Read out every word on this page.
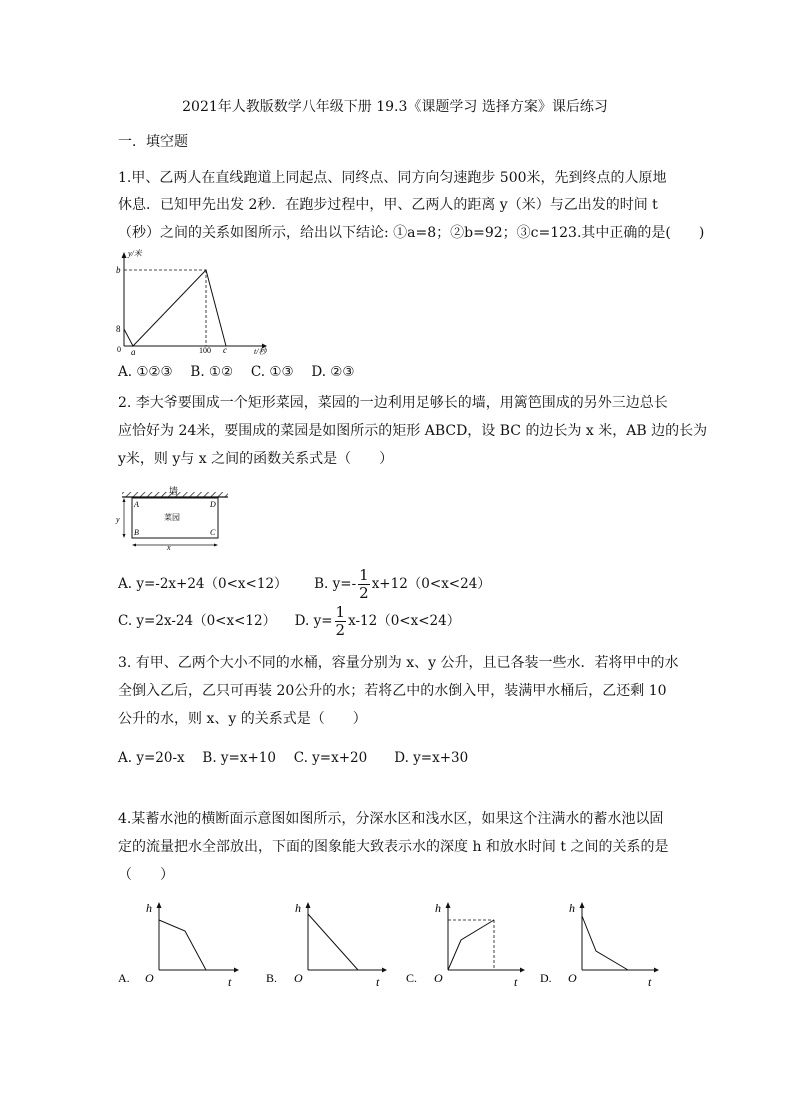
2021年人教版数学八年级下册 19.3《课题学习 选择方案》课后练习
一．填空题
1.甲、乙两人在直线跑道上同起点、同终点、同方向匀速跑步 500米，先到终点的人原地
休息．已知甲先出发 2秒．在跑步过程中，甲、乙两人的距离 y（米）与乙出发的时间 t
（秒）之间的关系如图所示，给出以下结论: ①a=8；②b=92；③c=123.其中正确的是(　　)
y/米
t/秒
b
8
0 a	100 c
A. ①②③　 B. ①②　 C. ①③　 D. ②③
2. 李大爷要围成一个矩形菜园，菜园的一边利用足够长的墙，用篱笆围成的另外三边总长
应恰好为 24米，要围成的菜园是如图所示的矩形 ABCD，设 BC 的边长为 x 米，AB 边的长为
y米，则 y与 x 之间的函数关系式是（　　）
墙
菜园
A
B	C
D
y
x
A. y=-2x+24（0<x<12） B. $y=- \frac{1}{2} x+12(0<x<24)$
C. y=2x-24（0<x<12） D. $y= \frac{1}{2} x-12(0<x<24)$
3. 有甲、乙两个大小不同的水桶，容量分别为 x、y 公升，且已各装一些水．若将甲中的水
全倒入乙后，乙只可再装 20公升的水；若将乙中的水倒入甲，装满甲水桶后，乙还剩 10
公升的水，则 x、y 的关系式是（　　）
A. y=20-x　 B. y=x+10　 C. y=x+20　　D. y=x+30
4.某蓄水池的横断面示意图如图所示，分深水区和浅水区，如果这个注满水的蓄水池以固
定的流量把水全部放出，下面的图象能大致表示水的深度 h 和放水时间 t 之间的关系的是
（　　）
A.
h
O	t	B.
h
O	t C.
h
O	t D.
h
O	t
